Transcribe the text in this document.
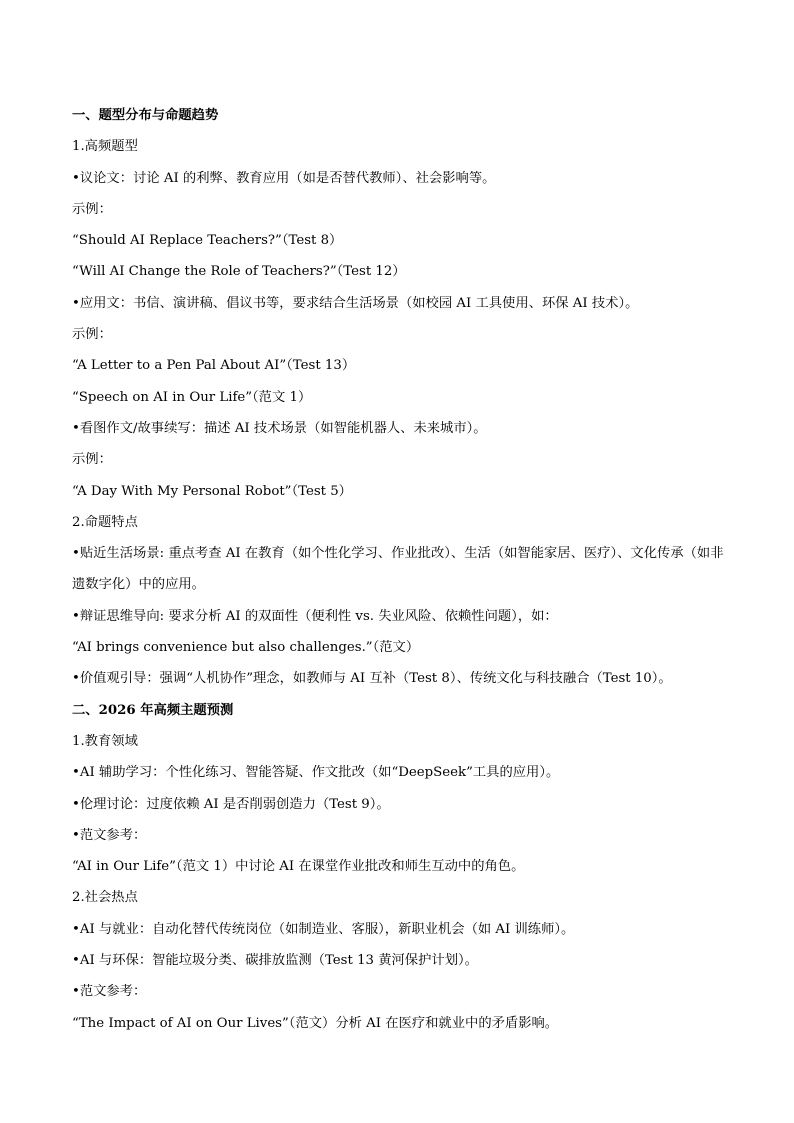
一、题型分布与命题趋势

1.高频题型

•议论文：讨论 AI 的利弊、教育应用（如是否替代教师）、社会影响等。

示例：

“Should AI Replace Teachers?”（Test 8）

“Will AI Change the Role of Teachers?”（Test 12）

•应用文：书信、演讲稿、倡议书等，要求结合生活场景（如校园 AI 工具使用、环保 AI 技术）。

示例：

“A Letter to a Pen Pal About AI”（Test 13）

“Speech on AI in Our Life”（范文 1）

•看图作文/故事续写：描述 AI 技术场景（如智能机器人、未来城市）。

示例：

“A Day With My Personal Robot”（Test 5）

2.命题特点

•贴近生活场景: 重点考查 AI 在教育（如个性化学习、作业批改）、生活（如智能家居、医疗）、文化传承（如非遗数字化）中的应用。

•辩证思维导向: 要求分析 AI 的双面性（便利性 vs. 失业风险、依赖性问题），如：

“AI brings convenience but also challenges.”（范文）

•价值观引导：强调“人机协作”理念，如教师与 AI 互补（Test 8）、传统文化与科技融合（Test 10）。

二、2026 年高频主题预测

1.教育领域

•AI 辅助学习：个性化练习、智能答疑、作文批改（如“DeepSeek”工具的应用）。

•伦理讨论：过度依赖 AI 是否削弱创造力（Test 9）。

•范文参考：

“AI in Our Life”（范文 1）中讨论 AI 在课堂作业批改和师生互动中的角色。

2.社会热点

•AI 与就业：自动化替代传统岗位（如制造业、客服），新职业机会（如 AI 训练师）。

•AI 与环保：智能垃圾分类、碳排放监测（Test 13 黄河保护计划）。

•范文参考：

“The Impact of AI on Our Lives”（范文）分析 AI 在医疗和就业中的矛盾影响。
